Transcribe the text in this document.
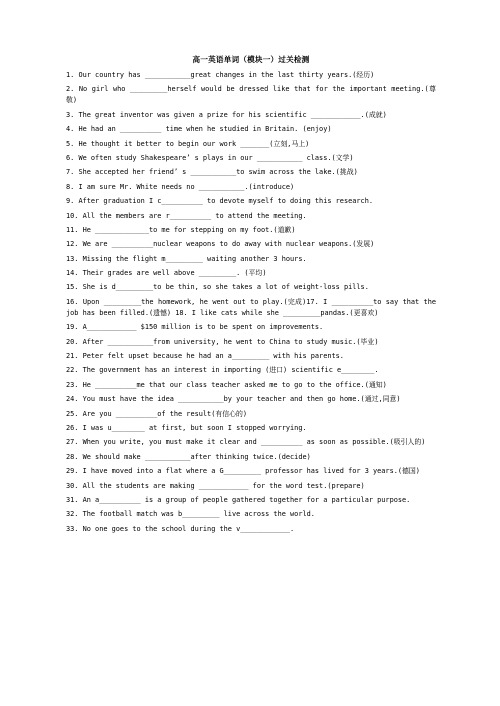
高一英语单词（模块一）过关检测
1. Our country has ___________great changes in the last thirty years.(经历)
2. No girl who _________herself would be dressed like that for the important meeting.(尊敬)
3. The great inventor was given a prize for his scientific ____________.(成就)
4. He had an __________ time when he studied in Britain. (enjoy)
5. He thought it better to begin our work _______(立刻,马上)
6. We often study Shakespeare’ s plays in our ___________ class.(文学)
7. She accepted her friend’ s ___________to swim across the lake.(挑战)
8. I am sure Mr. White needs no ___________.(introduce)
9. After graduation I c__________ to devote myself to doing this research.
10. All the members are r__________ to attend the meeting.
11. He _____________to me for stepping on my foot.(道歉)
12. We are __________nuclear weapons to do away with nuclear weapons.(发展)
13. Missing the flight m_________ waiting another 3 hours.
14. Their grades are well above _________. (平均)
15. She is d_________to be thin, so she takes a lot of weight-loss pills.
16. Upon _________the homework, he went out to play.(完成)17. I __________to say that the job has been filled.(遗憾) 18. I like cats while she _________pandas.(更喜欢)
19. A____________ $150 million is to be spent on improvements.
20. After ___________from university, he went to China to study music.(毕业)
21. Peter felt upset because he had an a_________ with his parents.
22. The government has an interest in importing (进口) scientific e________.
23. He __________me that our class teacher asked me to go to the office.(通知)
24. You must have the idea ___________by your teacher and then go home.(通过,同意)
25. Are you __________of the result(有信心的)
26. I was u________ at first, but soon I stopped worrying.
27. When you write, you must make it clear and __________ as soon as possible.(吸引人的)
28. We should make ___________after thinking twice.(decide)
29. I have moved into a flat where a G_________ professor has lived for 3 years.(德国)
30. All the students are making ____________ for the word test.(prepare)
31. An a__________ is a group of people gathered together for a particular purpose.
32. The football match was b_________ live across the world.
33. No one goes to the school during the v____________.
